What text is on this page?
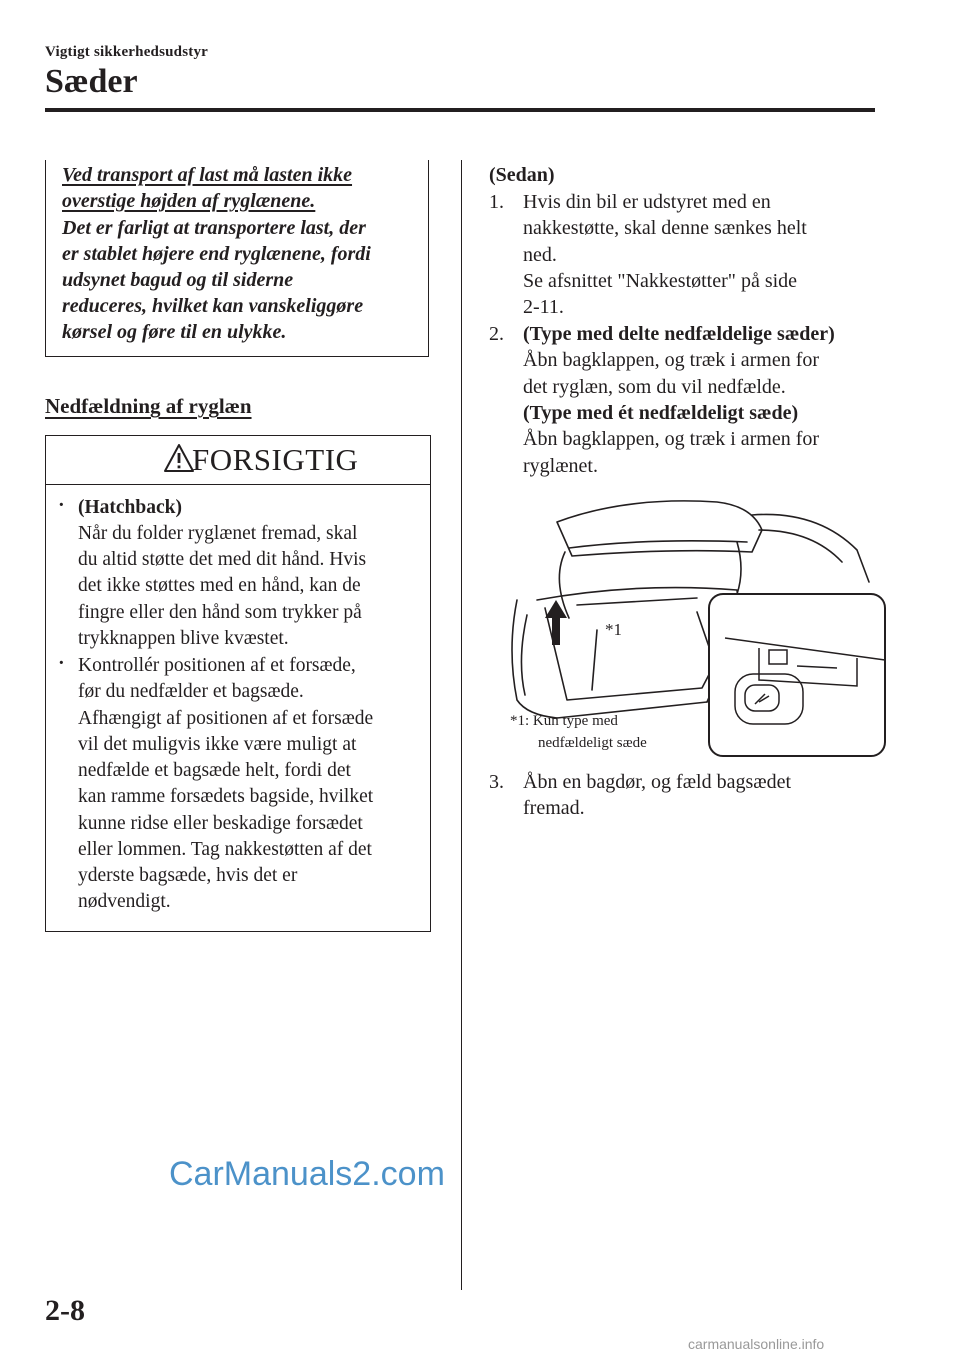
Vigtigt sikkerhedsudstyr
Sæder
Ved transport af last må lasten ikke
overstige højden af ryglænene.
Det er farligt at transportere last, der
er stablet højere end ryglænene, fordi
udsynet bagud og til siderne
reduceres, hvilket kan vanskeliggøre
kørsel og føre til en ulykke.
Nedfældning af ryglæn
FORSIGTIG
· (Hatchback)
Når du folder ryglænet fremad, skal
du altid støtte det med dit hånd. Hvis
det ikke støttes med en hånd, kan de
fingre eller den hånd som trykker på
trykknappen blive kvæstet.
· Kontrollér positionen af et forsæde,
før du nedfælder et bagsæde.
Afhængigt af positionen af et forsæde
vil det muligvis ikke være muligt at
nedfælde et bagsæde helt, fordi det
kan ramme forsædets bagside, hvilket
kunne ridse eller beskadige forsædet
eller lommen. Tag nakkestøtten af det
yderste bagsæde, hvis det er
nødvendigt.
(Sedan)
1. Hvis din bil er udstyret med en
nakkestøtte, skal denne sænkes helt
ned.
Se afsnittet "Nakkestøtter" på side
2-11.
2. (Type med delte nedfældelige sæder)
Åbn bagklappen, og træk i armen for
det ryglæn, som du vil nedfælde.
(Type med ét nedfældeligt sæde)
Åbn bagklappen, og træk i armen for
ryglænet.
*1
*1: Kun type med
nedfældeligt sæde
3. Åbn en bagdør, og fæld bagsædet
fremad.
CarManuals2.com
2-8
carmanualsonline.info
